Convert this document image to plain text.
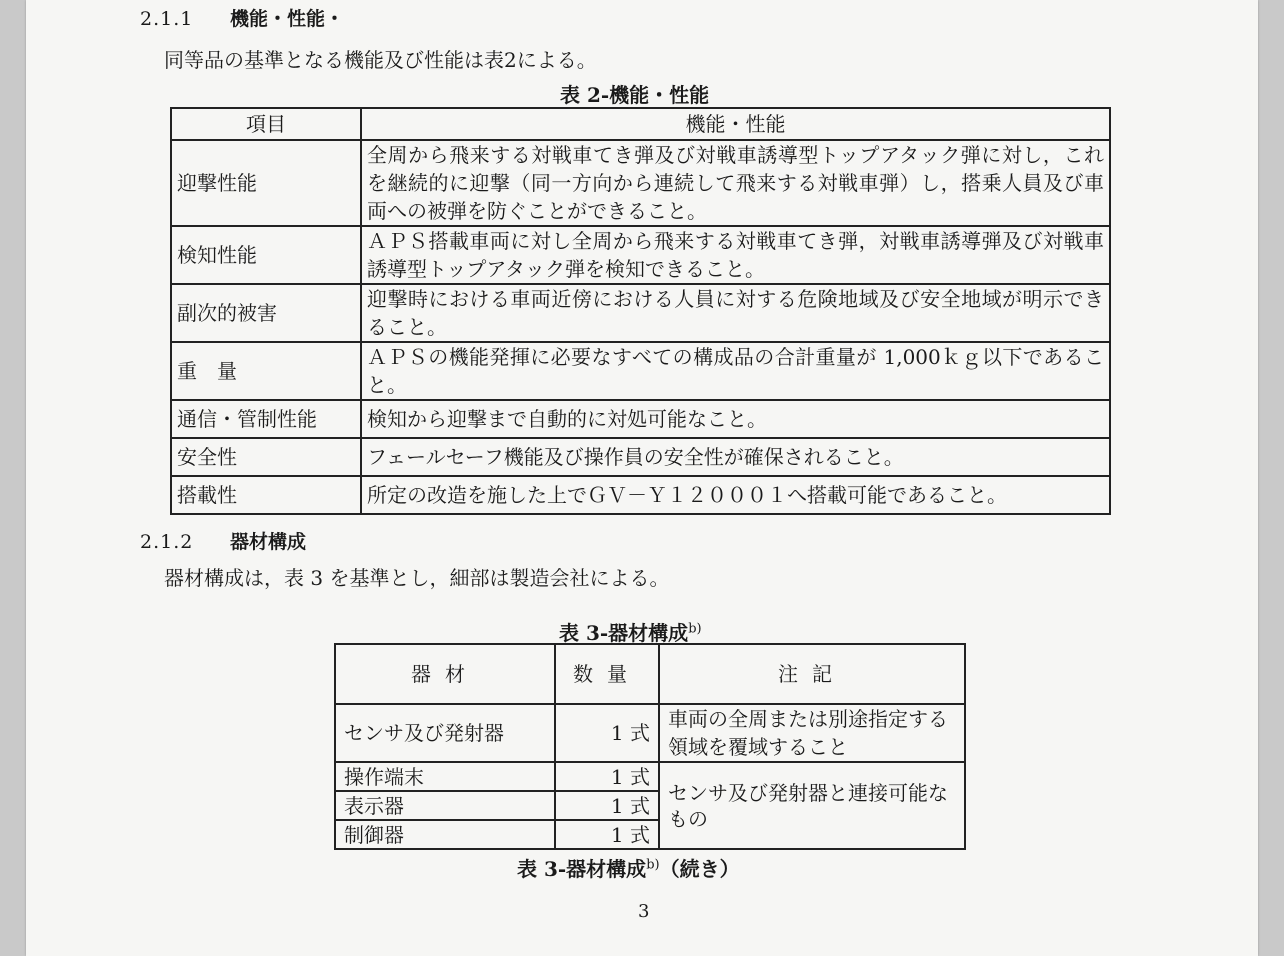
2.1.1 機能・性能・
同等品の基準となる機能及び性能は表2による。
表 2-機能・性能
項目	機能・性能
迎撃性能	全周から飛来する対戦車てき弾及び対戦車誘導型トップアタック弾に対し，これを継続的に迎撃（同一方向から連続して飛来する対戦車弾）し，搭乗人員及び車両への被弾を防ぐことができること。
検知性能	ＡＰＳ搭載車両に対し全周から飛来する対戦車てき弾，対戦車誘導弾及び対戦車誘導型トップアタック弾を検知できること。
副次的被害	迎撃時における車両近傍における人員に対する危険地域及び安全地域が明示できること。
重　量	ＡＰＳの機能発揮に必要なすべての構成品の合計重量が 1,000ｋｇ以下であること。
通信・管制性能	検知から迎撃まで自動的に対処可能なこと。
安全性	フェールセーフ機能及び操作員の安全性が確保されること。
搭載性	所定の改造を施した上でＧＶ－Ｙ１２０００１へ搭載可能であること。
2.1.2 器材構成
器材構成は，表 3 を基準とし，細部は製造会社による。
表 3-器材構成$^{b)}$
器材	数量	注記
センサ及び発射器	1 式	車両の全周または別途指定する領域を覆域すること
操作端末	1 式	センサ及び発射器と連接可能なもの
表示器	1 式	
制御器	1 式	
表 3-器材構成$^{b)}$（続き）
3
